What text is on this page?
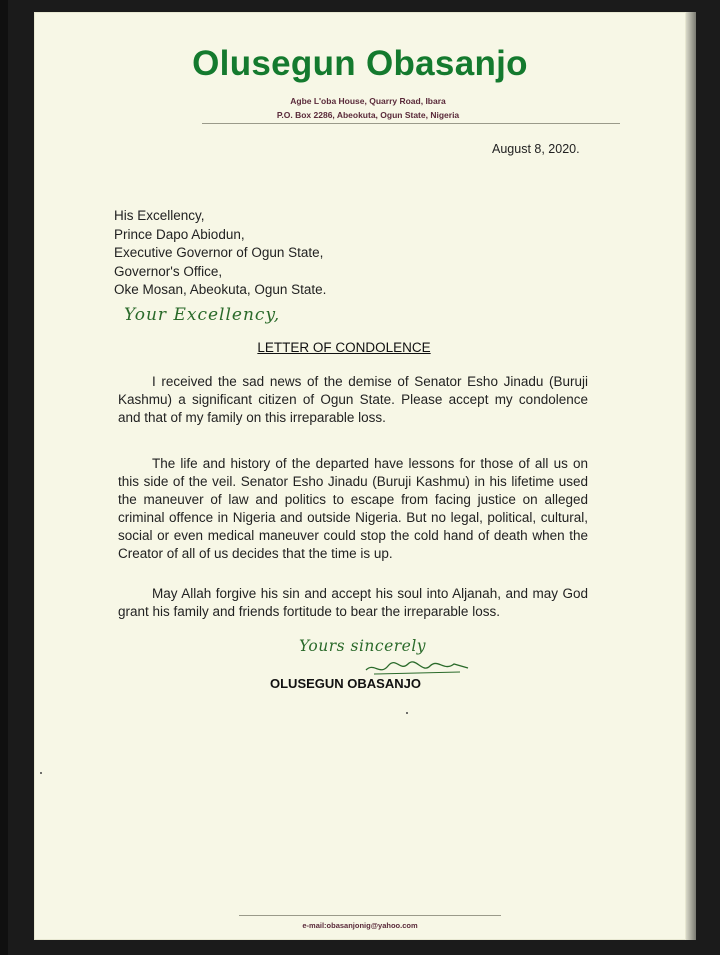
Olusegun Obasanjo
Agbe L'oba House, Quarry Road, Ibara
P.O. Box 2286, Abeokuta, Ogun State, Nigeria
August 8, 2020.
His Excellency,
Prince Dapo Abiodun,
Executive Governor of Ogun State,
Governor's Office,
Oke Mosan, Abeokuta, Ogun State.
Your Excellency,
LETTER OF CONDOLENCE
I received the sad news of the demise of Senator Esho Jinadu (Buruji Kashmu) a significant citizen of Ogun State. Please accept my condolence and that of my family on this irreparable loss.
The life and history of the departed have lessons for those of all us on this side of the veil. Senator Esho Jinadu (Buruji Kashmu) in his lifetime used the maneuver of law and politics to escape from facing justice on alleged criminal offence in Nigeria and outside Nigeria. But no legal, political, cultural, social or even medical maneuver could stop the cold hand of death when the Creator of all of us decides that the time is up.
May Allah forgive his sin and accept his soul into Aljanah, and may God grant his family and friends fortitude to bear the irreparable loss.
Yours sincerely
OLUSEGUN OBASANJO
e-mail:obasanjonig@yahoo.com
